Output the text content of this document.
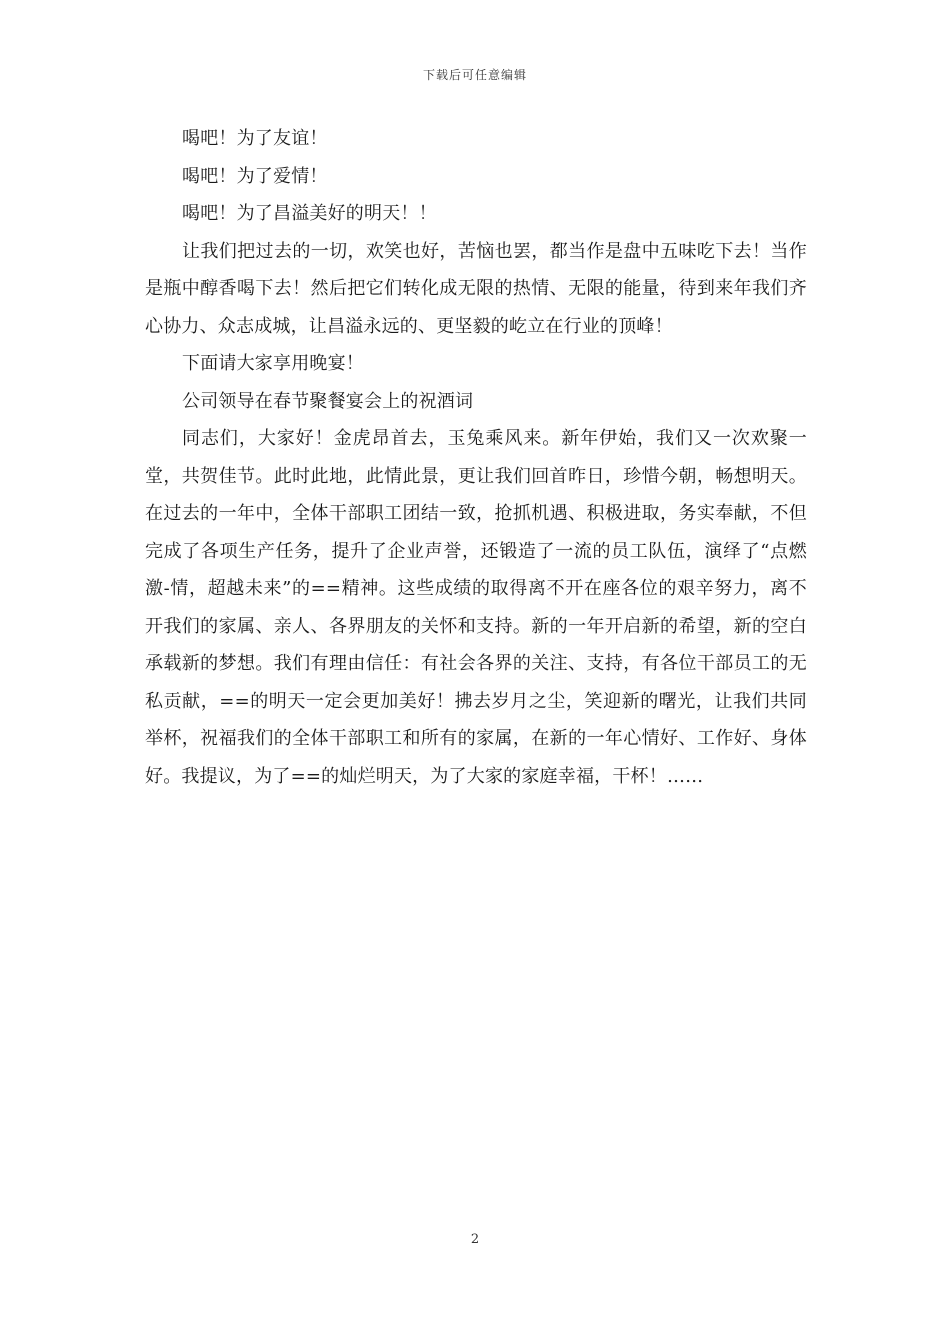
下载后可任意编辑

喝吧！为了友谊！

喝吧！为了爱情！

喝吧！为了昌溢美好的明天！！

让我们把过去的一切，欢笑也好，苦恼也罢，都当作是盘中五味吃下去！当作是瓶中醇香喝下去！然后把它们转化成无限的热情、无限的能量，待到来年我们齐心协力、众志成城，让昌溢永远的、更坚毅的屹立在行业的顶峰！

下面请大家享用晚宴！

公司领导在春节聚餐宴会上的祝酒词

同志们，大家好！金虎昂首去，玉兔乘风来。新年伊始，我们又一次欢聚一堂，共贺佳节。此时此地，此情此景，更让我们回首昨日，珍惜今朝，畅想明天。在过去的一年中，全体干部职工团结一致，抢抓机遇、积极进取，务实奉献，不但完成了各项生产任务，提升了企业声誉，还锻造了一流的员工队伍，演绎了“点燃激-情，超越未来”的==精神。这些成绩的取得离不开在座各位的艰辛努力，离不开我们的家属、亲人、各界朋友的关怀和支持。新的一年开启新的希望，新的空白承载新的梦想。我们有理由信任：有社会各界的关注、支持，有各位干部员工的无私贡献，==的明天一定会更加美好！拂去岁月之尘，笑迎新的曙光，让我们共同举杯，祝福我们的全体干部职工和所有的家属，在新的一年心情好、工作好、身体好。我提议，为了==的灿烂明天，为了大家的家庭幸福，干杯！……

2
